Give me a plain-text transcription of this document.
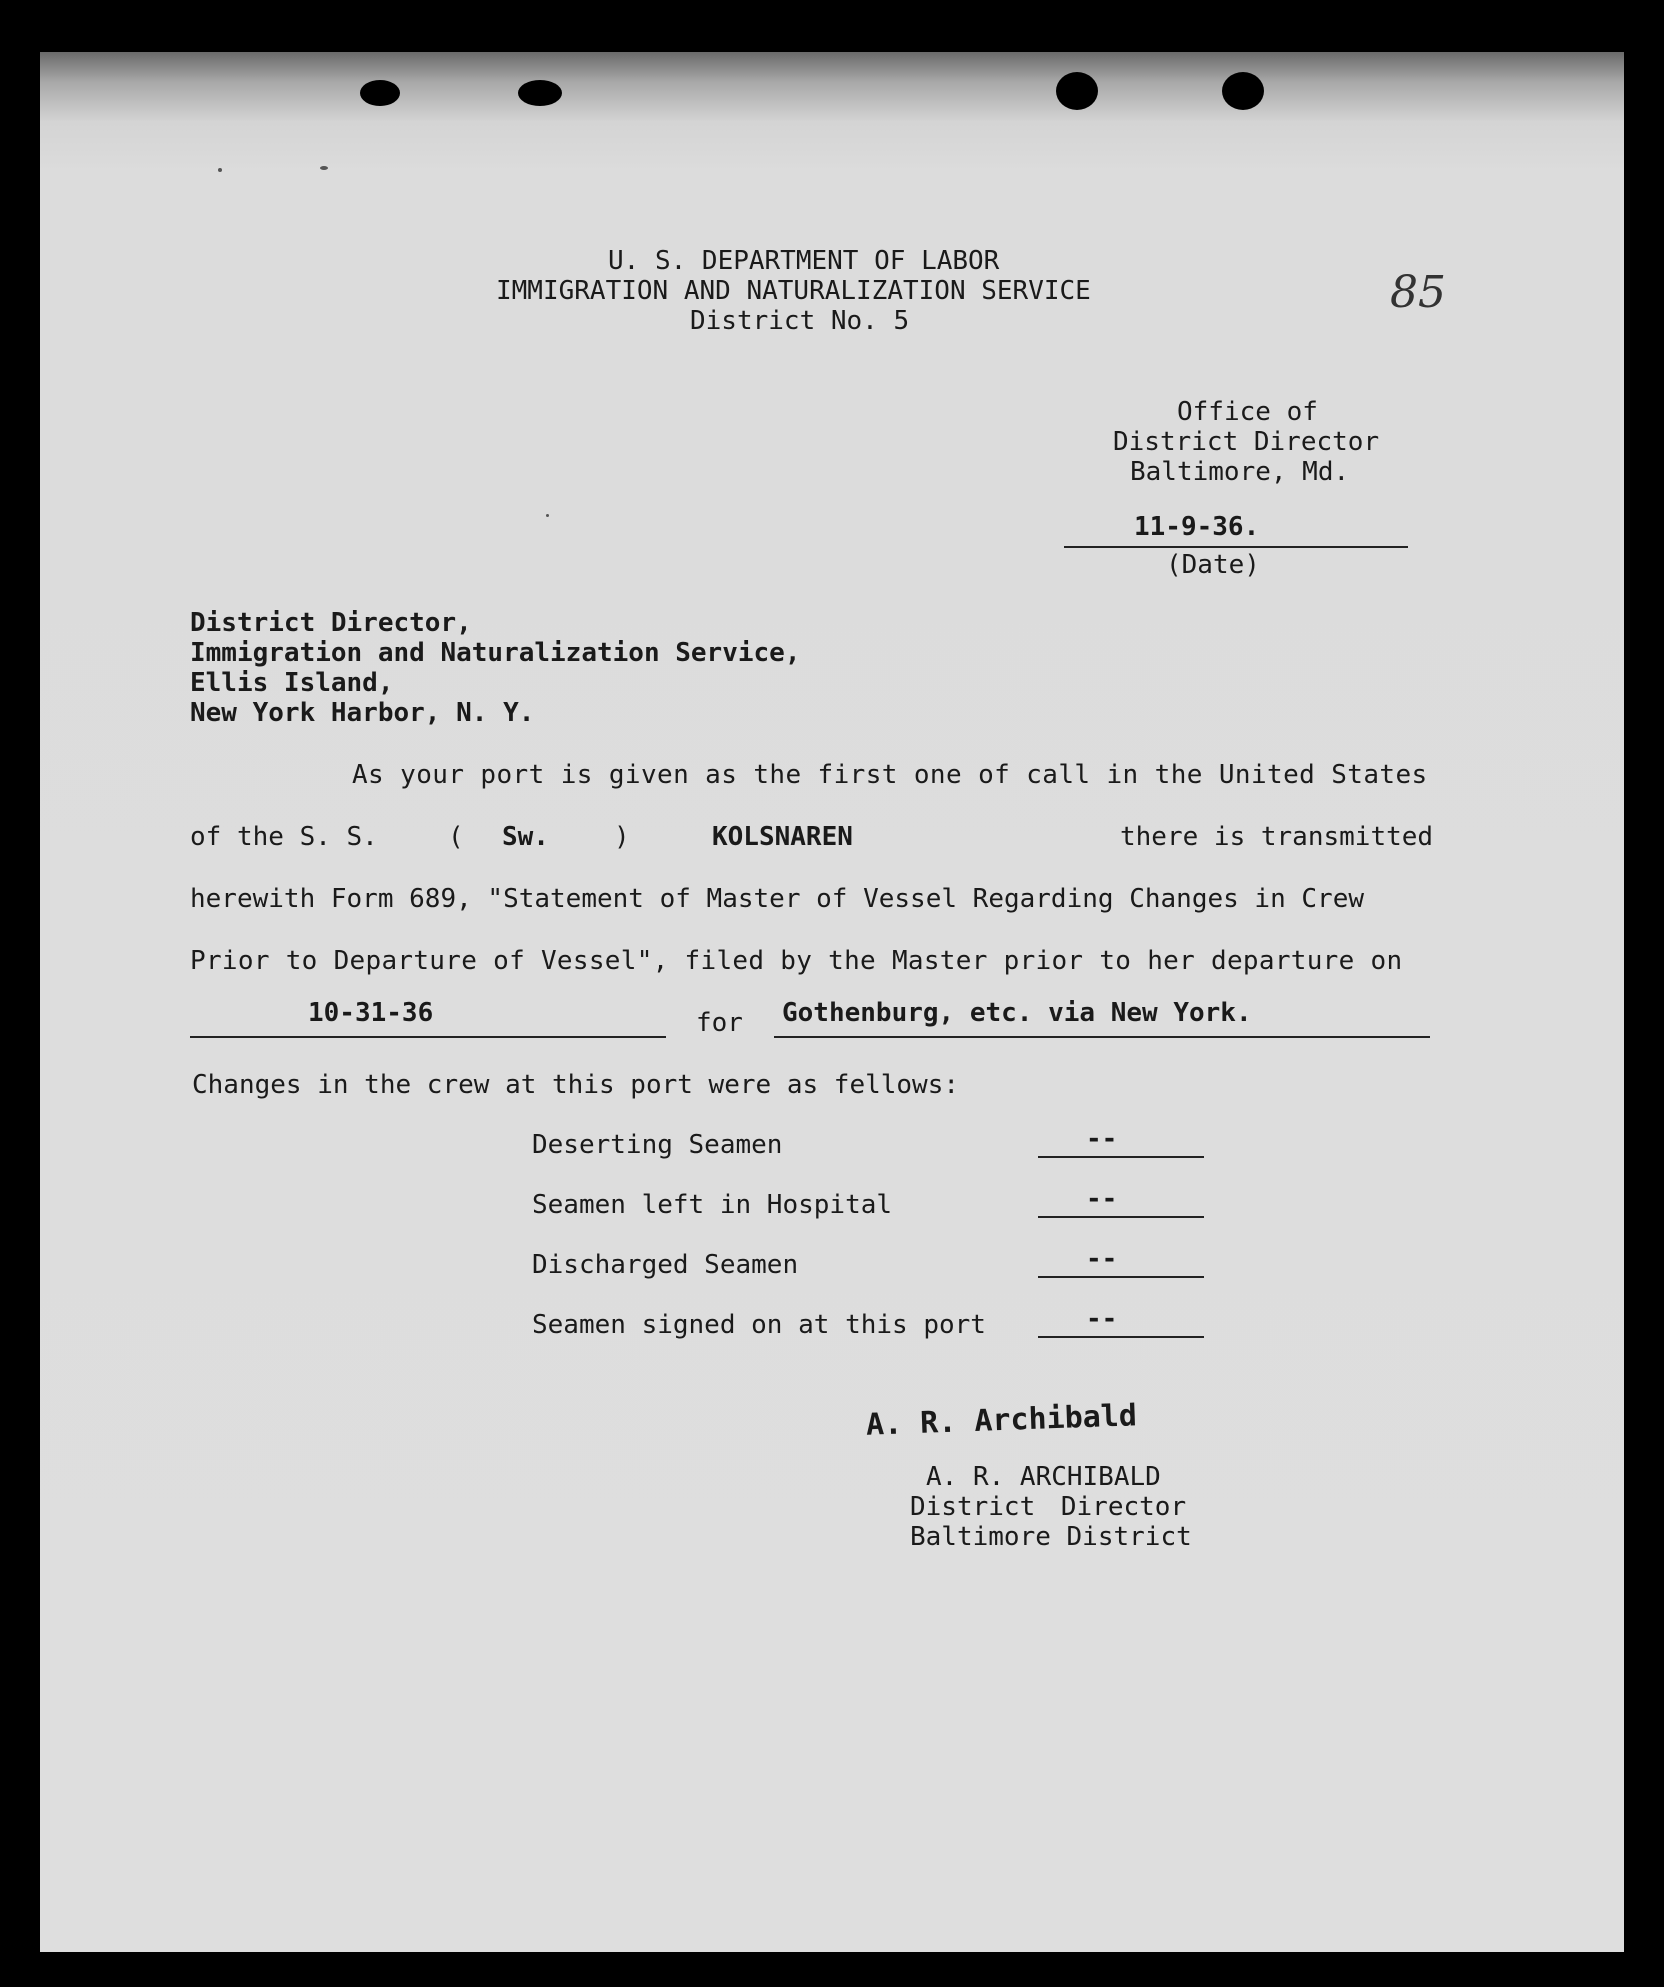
85
U. S. DEPARTMENT OF LABOR
IMMIGRATION AND NATURALIZATION SERVICE
District No. 5
Office of
District Director
Baltimore, Md.
11-9-36.
(Date)
District Director,
Immigration and Naturalization Service,
Ellis Island,
New York Harbor, N. Y.
As your port is given as the first one of call in the United States
of the S. S.	( Sw.	)	KOLSNAREN	there is transmitted
herewith Form 689, "Statement of Master of Vessel Regarding Changes in Crew
Prior to Departure of Vessel", filed by the Master prior to her departure on
10-31-36	for Gothenburg, etc. via New York.
Changes in the crew at this port were as fellows:
Deserting Seamen	--
Seamen left in Hospital	--
Discharged Seamen	--
Seamen signed on at this port	--
A. R. Archibald
A. R. ARCHIBALD
District Director
Baltimore District
